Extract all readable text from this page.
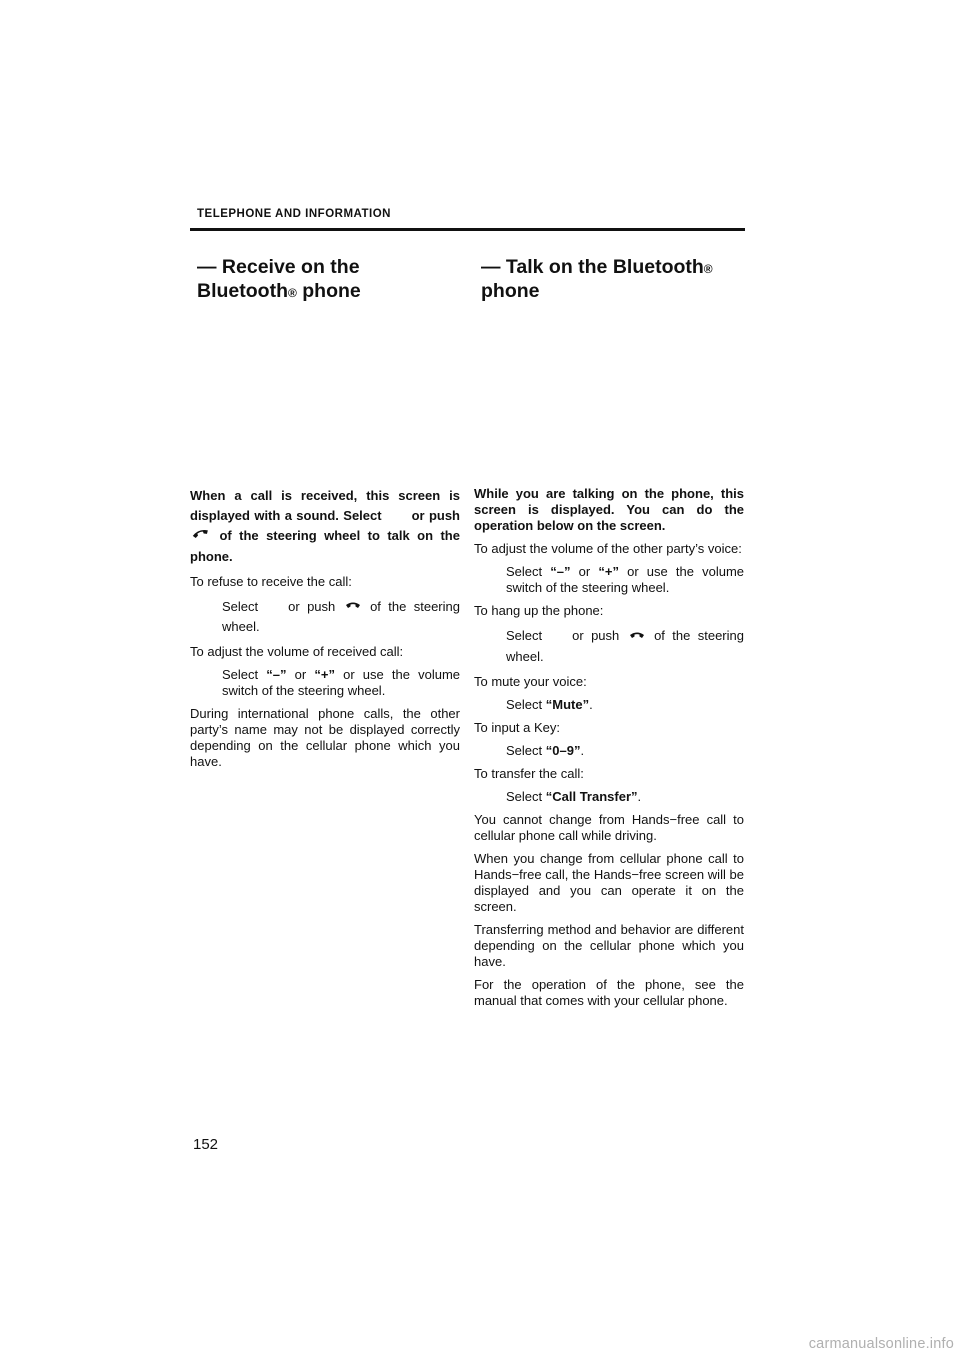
TELEPHONE AND INFORMATION
— Receive on the
Bluetooth® phone
— Talk on the Bluetooth®
phone

When a call is received, this screen is displayed with a sound. Select or push  of the steering wheel to talk on the phone.

To refuse to receive the call:

Select or push	of the steering wheel.

To adjust the volume of received call:

Select “–” or “+” or use the volume switch of the steering wheel.

During international phone calls, the other party’s name may not be displayed correctly depending on the cellular phone which you have.

While you are talking on the phone, this screen is displayed. You can do the operation below on the screen.

To adjust the volume of the other party’s voice:

Select “–” or “+” or use the volume switch of the steering wheel.

To hang up the phone:

Select or push	of the steering wheel.

To mute your voice:

Select “Mute”.

To input a Key:

Select “0–9”.

To transfer the call:

Select “Call Transfer”.

You cannot change from Hands−free call to cellular phone call while driving.

When you change from cellular phone call to Hands−free call, the Hands−free screen will be displayed and you can operate it on the screen.

Transferring method and behavior are different depending on the cellular phone which you have.

For the operation of the phone, see the manual that comes with your cellular phone.

152
carmanualsonline.info
